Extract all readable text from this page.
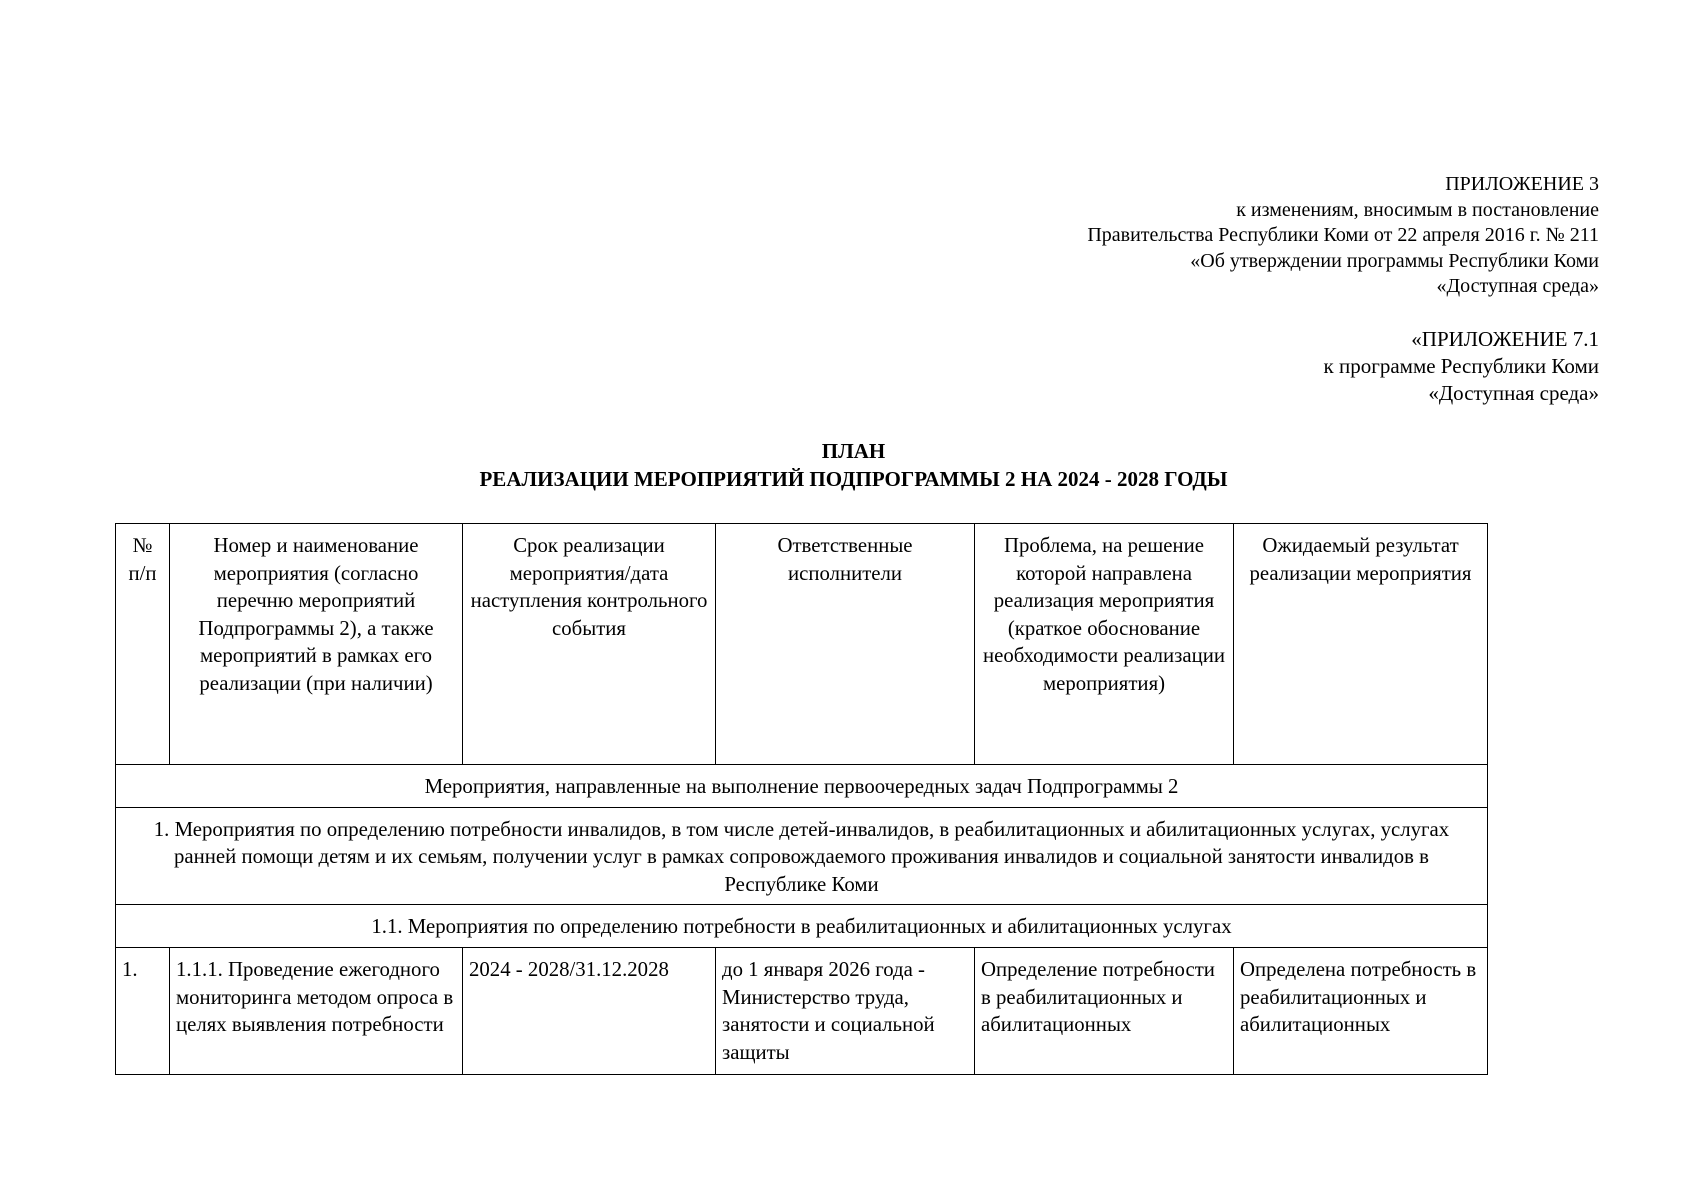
ПРИЛОЖЕНИЕ 3
к изменениям, вносимым в постановление
Правительства Республики Коми от 22 апреля 2016 г. № 211
«Об утверждении программы Республики Коми
«Доступная среда»
«ПРИЛОЖЕНИЕ 7.1
к программе Республики Коми
«Доступная среда»
ПЛАН
РЕАЛИЗАЦИИ МЕРОПРИЯТИЙ ПОДПРОГРАММЫ 2 НА 2024 - 2028 ГОДЫ
№ п/п	Номер и наименование мероприятия (согласно перечню мероприятий Подпрограммы 2), а также мероприятий в рамках его реализации (при наличии)	Срок реализации мероприятия/дата наступления контрольного события	Ответственные исполнители	Проблема, на решение которой направлена реализация мероприятия (краткое обоснование необходимости реализации мероприятия)	Ожидаемый результат реализации мероприятия
Мероприятия, направленные на выполнение первоочередных задач Подпрограммы 2					
1. Мероприятия по определению потребности инвалидов, в том числе детей-инвалидов, в реабилитационных и абилитационных услугах, услугах ранней помощи детям и их семьям, получении услуг в рамках сопровождаемого проживания инвалидов и социальной занятости инвалидов в Республике Коми					
1.1. Мероприятия по определению потребности в реабилитационных и абилитационных услугах					
1.	1.1.1. Проведение ежегодного мониторинга методом опроса в целях выявления потребности	2024 - 2028/31.12.2028	до 1 января 2026 года - Министерство труда, занятости и социальной защиты	Определение потребности в реабилитационных и абилитационных	Определена потребность в реабилитационных и абилитационных
